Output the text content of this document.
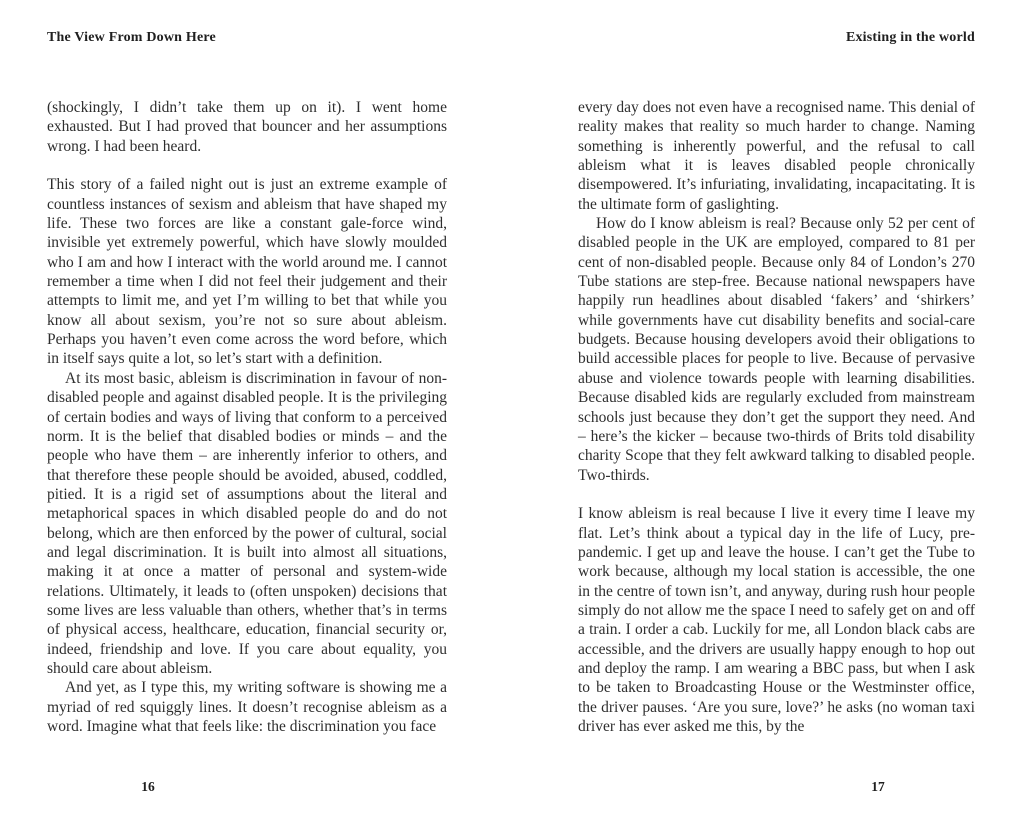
The View From Down Here	Existing in the world

(shockingly, I didn’t take them up on it). I went home exhausted. But I had proved that bouncer and her assumptions wrong. I had been heard.

This story of a failed night out is just an extreme example of countless instances of sexism and ableism that have shaped my life. These two forces are like a constant gale-force wind, invisible yet extremely powerful, which have slowly moulded who I am and how I interact with the world around me. I cannot remember a time when I did not feel their judgement and their attempts to limit me, and yet I’m willing to bet that while you know all about sexism, you’re not so sure about ableism. Perhaps you haven’t even come across the word before, which in itself says quite a lot, so let’s start with a definition.

At its most basic, ableism is discrimination in favour of non-disabled people and against disabled people. It is the privileging of certain bodies and ways of living that conform to a perceived norm. It is the belief that disabled bodies or minds – and the people who have them – are inherently inferior to others, and that therefore these people should be avoided, abused, coddled, pitied. It is a rigid set of assumptions about the literal and metaphorical spaces in which disabled people do and do not belong, which are then enforced by the power of cultural, social and legal discrimination. It is built into almost all situations, making it at once a matter of personal and system-wide relations. Ultimately, it leads to (often unspoken) decisions that some lives are less valuable than others, whether that’s in terms of physical access, healthcare, education, financial security or, indeed, friendship and love. If you care about equality, you should care about ableism.

And yet, as I type this, my writing software is showing me a myriad of red squiggly lines. It doesn’t recognise ableism as a word. Imagine what that feels like: the discrimination you face

every day does not even have a recognised name. This denial of reality makes that reality so much harder to change. Naming something is inherently powerful, and the refusal to call ableism what it is leaves disabled people chronically disempowered. It’s infuriating, invalidating, incapacitating. It is the ultimate form of gaslighting.

How do I know ableism is real? Because only 52 per cent of disabled people in the UK are employed, compared to 81 per cent of non-disabled people. Because only 84 of London’s 270 Tube stations are step-free. Because national newspapers have happily run headlines about disabled ‘fakers’ and ‘shirkers’ while governments have cut disability benefits and social-care budgets. Because housing developers avoid their obligations to build accessible places for people to live. Because of pervasive abuse and violence towards people with learning disabilities. Because disabled kids are regularly excluded from mainstream schools just because they don’t get the support they need. And – here’s the kicker – because two-thirds of Brits told disability charity Scope that they felt awkward talking to disabled people. Two-thirds.

I know ableism is real because I live it every time I leave my flat. Let’s think about a typical day in the life of Lucy, pre-pandemic. I get up and leave the house. I can’t get the Tube to work because, although my local station is accessible, the one in the centre of town isn’t, and anyway, during rush hour people simply do not allow me the space I need to safely get on and off a train. I order a cab. Luckily for me, all London black cabs are accessible, and the drivers are usually happy enough to hop out and deploy the ramp. I am wearing a BBC pass, but when I ask to be taken to Broadcasting House or the Westminster office, the driver pauses. ‘Are you sure, love?’ he asks (no woman taxi driver has ever asked me this, by the

16	17
